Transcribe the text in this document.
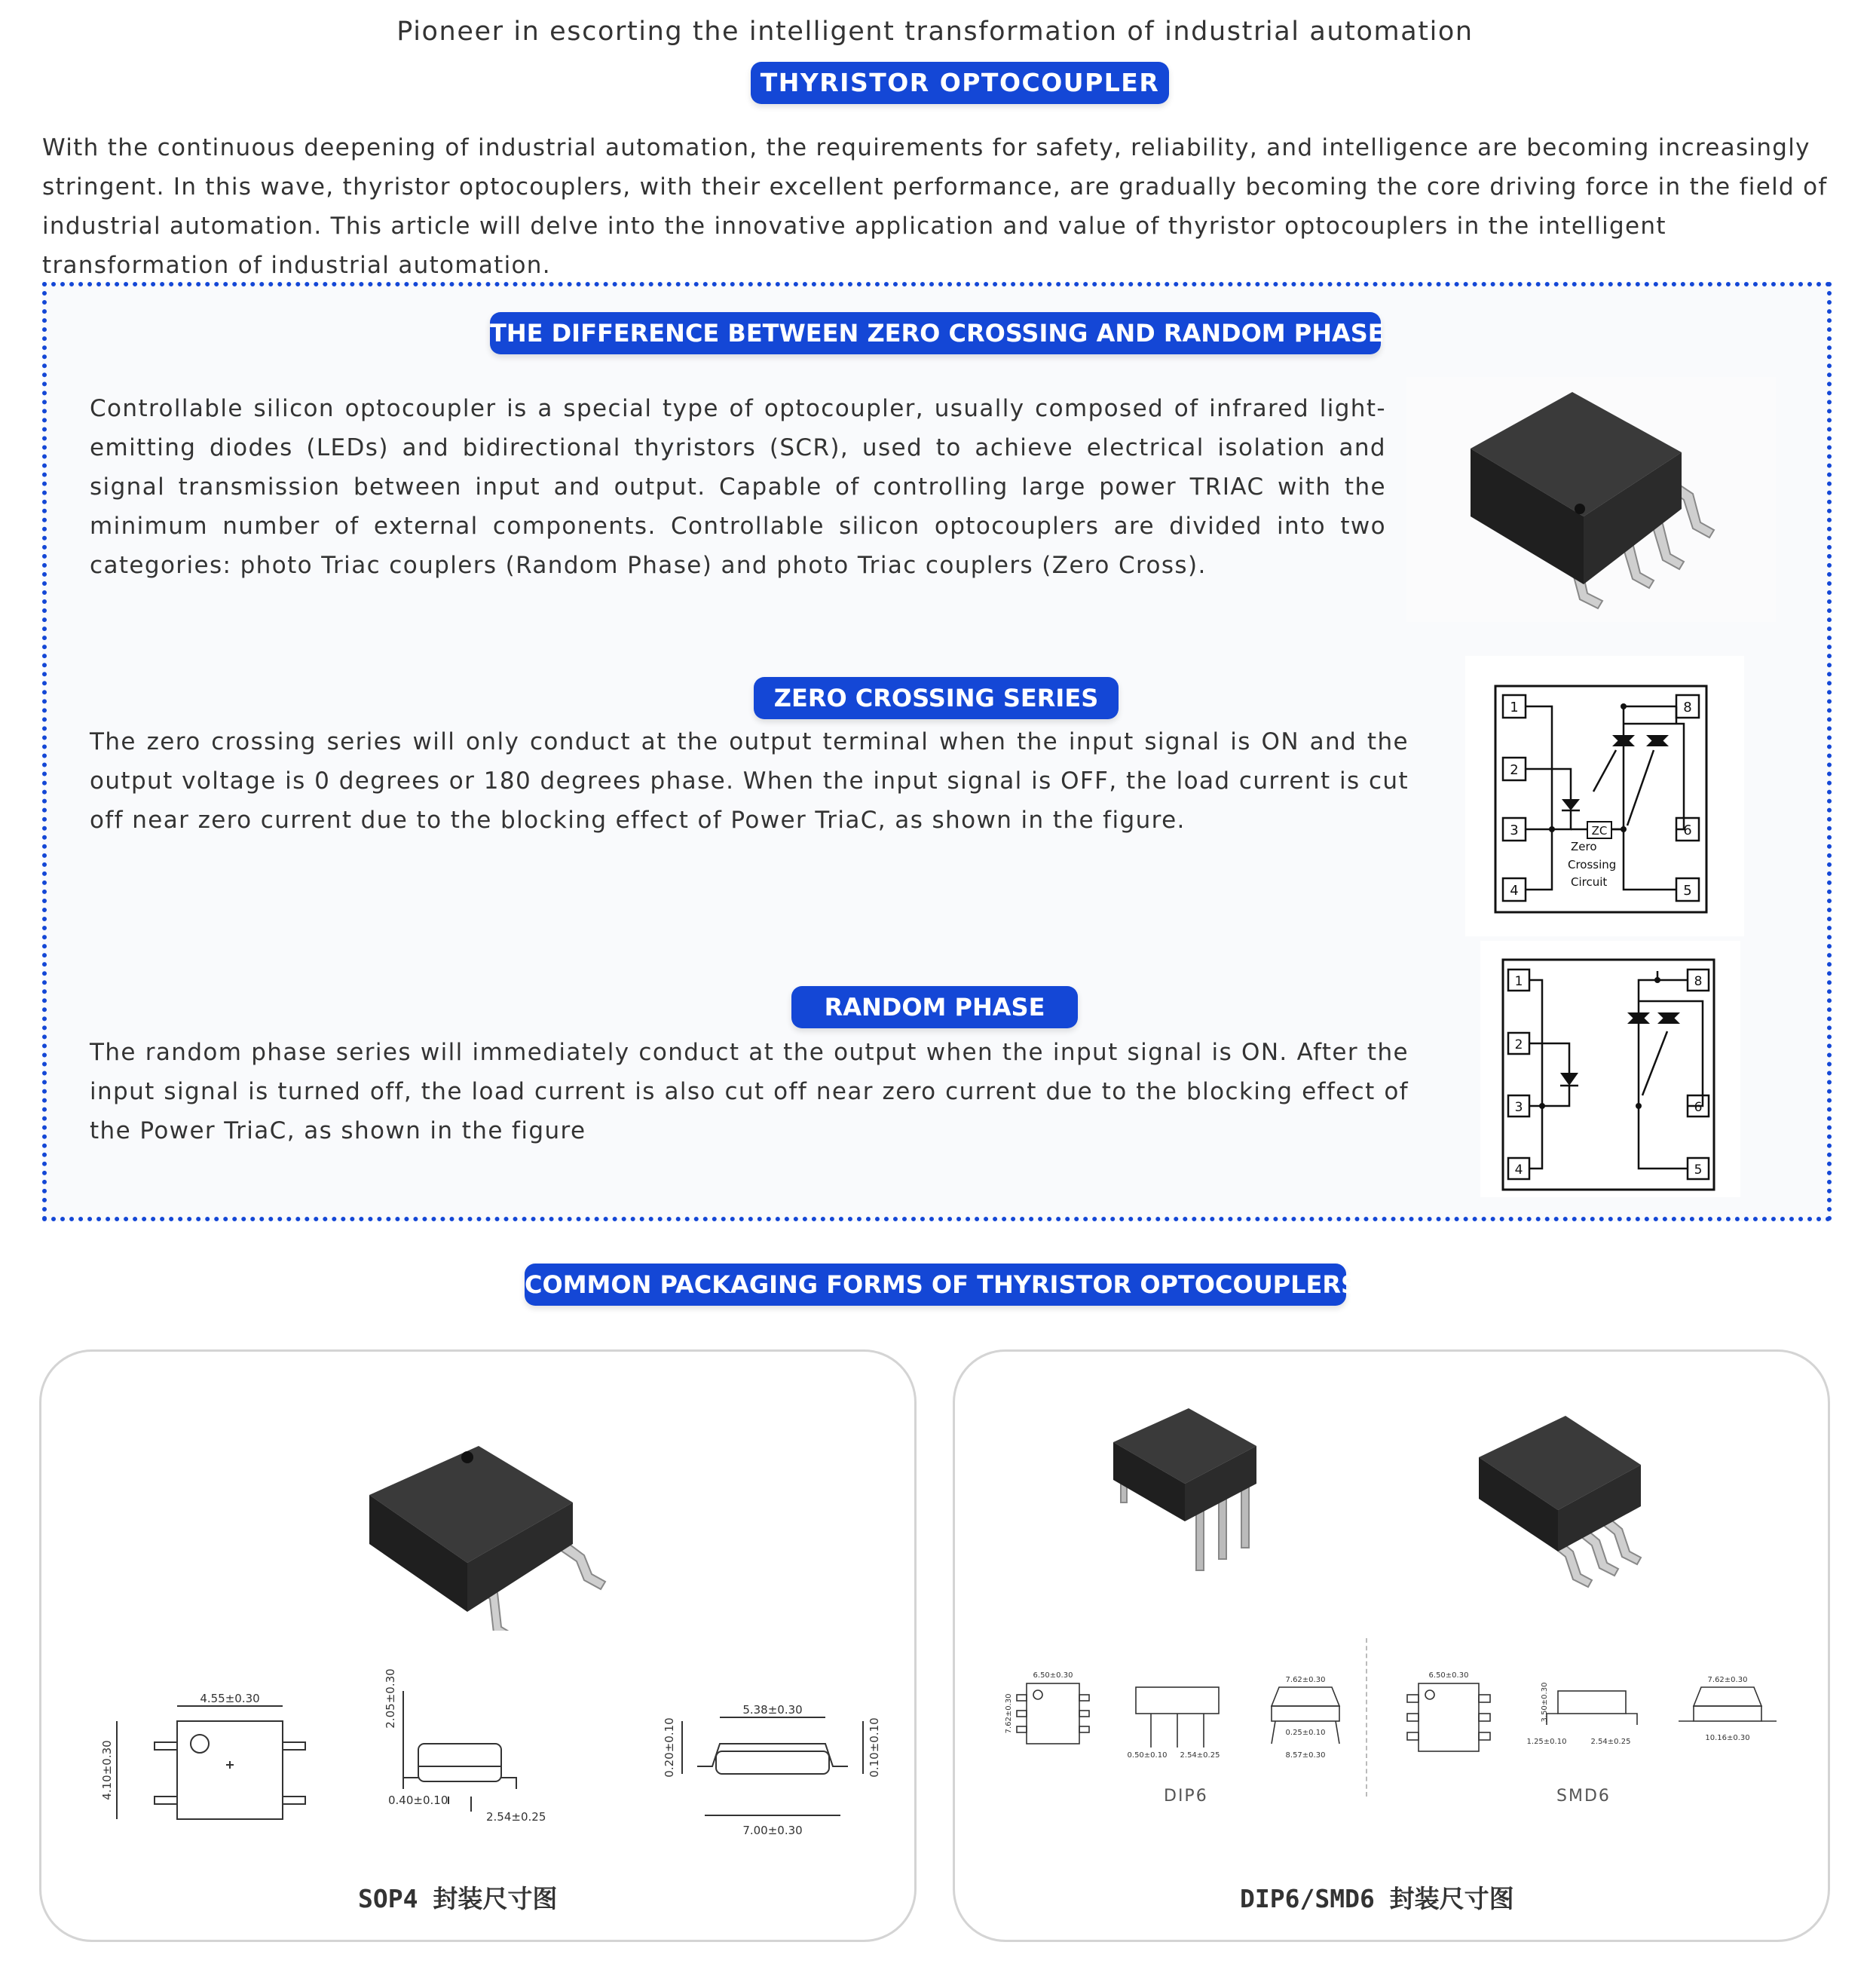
Pioneer in escorting the intelligent transformation of industrial automation
THYRISTOR OPTOCOUPLER
With the continuous deepening of industrial automation, the requirements for safety, reliability, and intelligence are becoming increasingly stringent. In this wave, thyristor optocouplers, with their excellent performance, are gradually becoming the core driving force in the field of industrial automation. This article will delve into the innovative application and value of thyristor optocouplers in the intelligent transformation of industrial automation.
THE DIFFERENCE BETWEEN ZERO CROSSING AND RANDOM PHASE
Controllable silicon optocoupler is a special type of optocoupler, usually composed of infrared light-emitting diodes (LEDs) and bidirectional thyristors (SCR), used to achieve electrical isolation and signal transmission between input and output. Capable of controlling large power TRIAC with the minimum number of external components. Controllable silicon optocouplers are divided into two categories: photo Triac couplers (Random Phase) and photo Triac couplers (Zero Cross).
ZERO CROSSING SERIES
The zero crossing series will only conduct at the output terminal when the input signal is ON and the output voltage is 0 degrees or 180 degrees phase. When the input signal is OFF, the load current is cut off near zero current due to the blocking effect of Power TriaC, as shown in the figure.
1
2
3
4
8
6
5
ZC
Zero
Crossing
Circuit
RANDOM PHASE
The random phase series will immediately conduct at the output when the input signal is ON. After the input signal is turned off, the load current is also cut off near zero current due to the blocking effect of the Power TriaC, as shown in the figure
1
2
3
4
8
6
5
COMMON PACKAGING FORMS OF THYRISTOR OPTOCOUPLERS
4.55±0.30
4.10±0.30
2.05±0.30
0.40±0.10
2.54±0.25
5.38±0.30
0.20±0.10	0.10±0.10
7.00±0.30
SOP4 封装尺寸图
6.50±0.30
7.62±0.30
7.62±0.30
8.57±0.30
0.50±0.10 2.54±0.25
0.25±0.10
DIP6
6.50±0.30
1.25±0.10	2.54±0.25	10.16±0.30
3.50±0.30
7.62±0.30
SMD6
DIP6/SMD6 封装尺寸图
